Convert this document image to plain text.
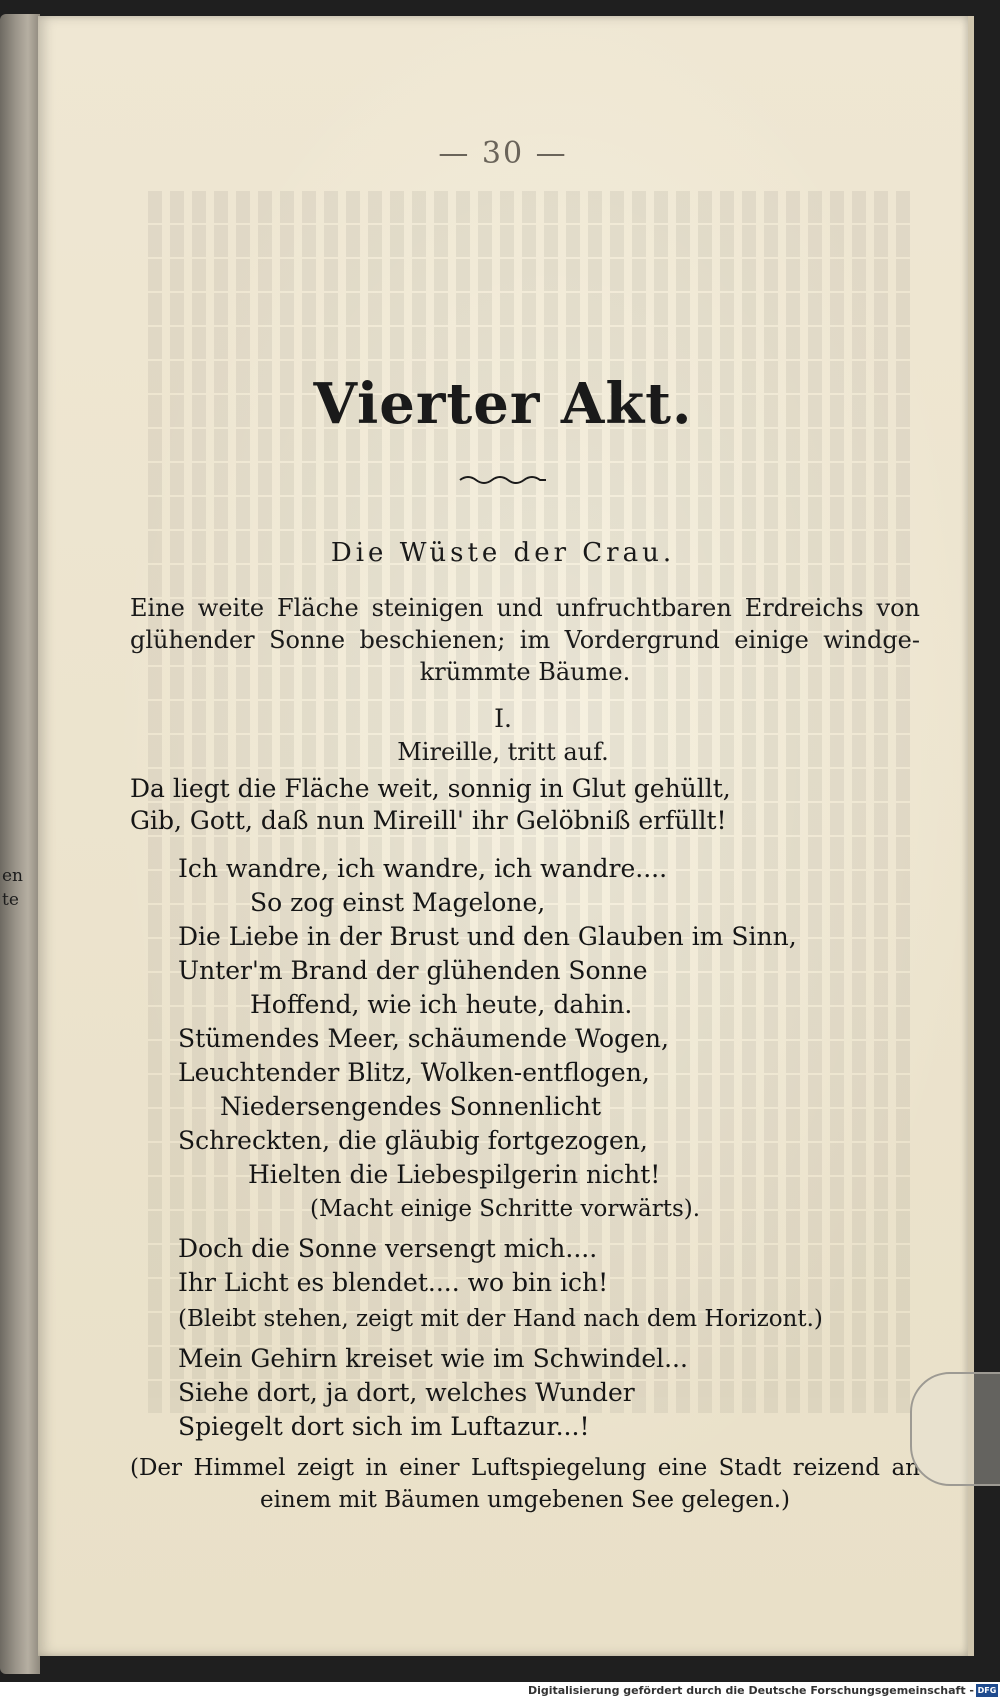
en
te
— 30 —
Vierter Akt.
Die Wüste der Crau.
Eine weite Fläche steinigen und unfruchtbaren Erdreichs von glühender Sonne beschienen; im Vordergrund einige windge-krümmte Bäume.
I.
Mireille, tritt auf.
Da liegt die Fläche weit, sonnig in Glut gehüllt,
Gib, Gott, daß nun Mireill' ihr Gelöbniß erfüllt!
Ich wandre, ich wandre, ich wandre....
So zog einst Magelone,
Die Liebe in der Brust und den Glauben im Sinn,
Unter'm Brand der glühenden Sonne
Hoffend, wie ich heute, dahin.
Stümendes Meer, schäumende Wogen,
Leuchtender Blitz, Wolken-entflogen,
Niedersengendes Sonnenlicht
Schreckten, die gläubig fortgezogen,
Hielten die Liebespilgerin nicht!
(Macht einige Schritte vorwärts).
Doch die Sonne versengt mich....
Ihr Licht es blendet.... wo bin ich!
(Bleibt stehen, zeigt mit der Hand nach dem Horizont.)
Mein Gehirn kreiset wie im Schwindel...
Siehe dort, ja dort, welches Wunder
Spiegelt dort sich im Luftazur...!
(Der Himmel zeigt in einer Luftspiegelung eine Stadt reizend an einem mit Bäumen umgebenen See gelegen.)
Digitalisierung gefördert durch die Deutsche Forschungsgemeinschaft - DFG
